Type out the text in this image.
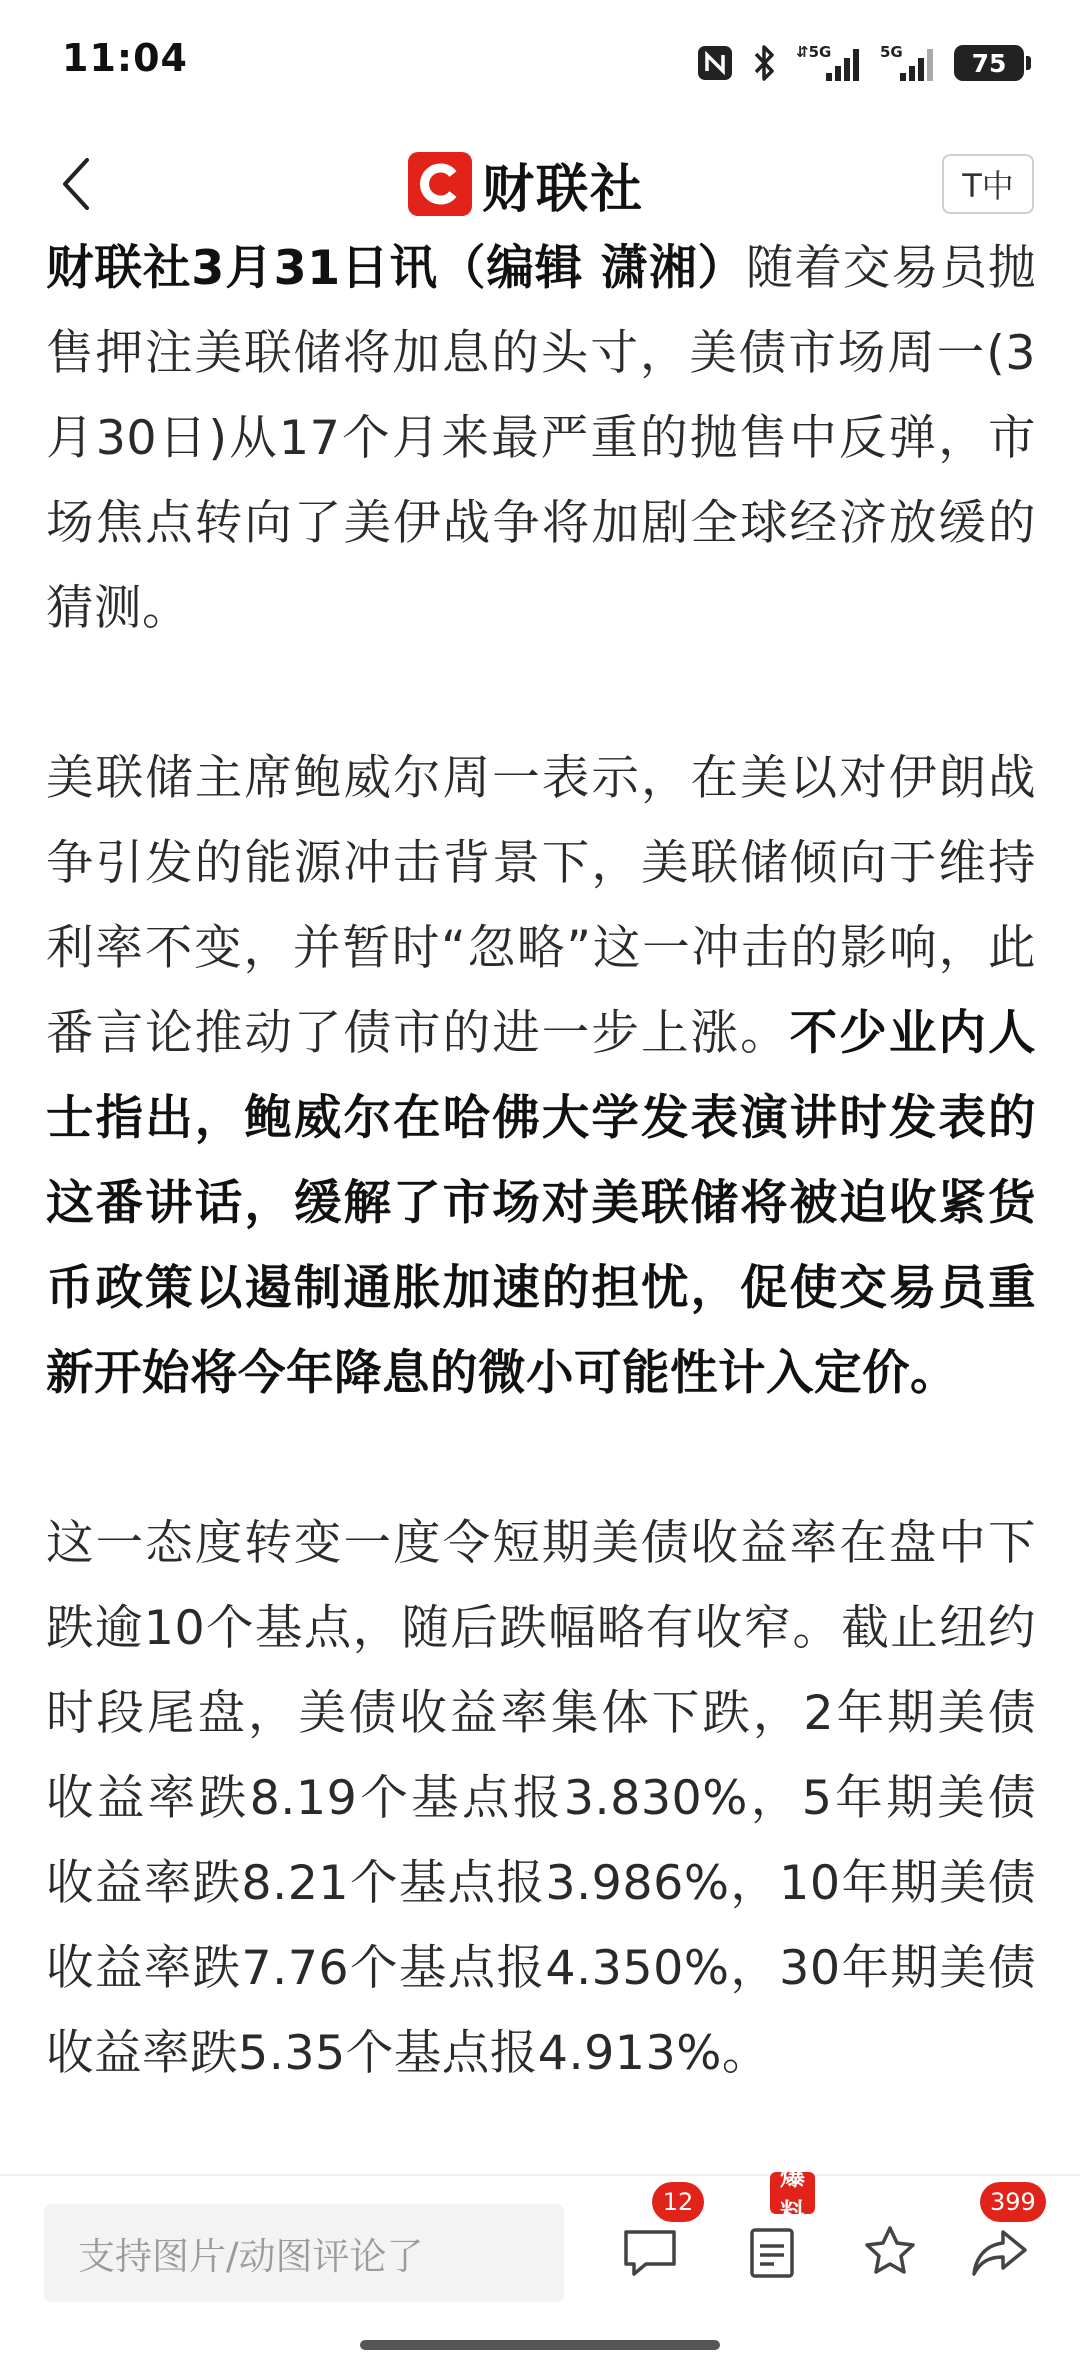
11:04	⇵5G	5G	75
财联社	T中

财联社3月31日讯（编辑 潇湘）随着交易员抛售押注美联储将加息的头寸，美债市场周一(3月30日)从17个月来最严重的抛售中反弹，市场焦点转向了美伊战争将加剧全球经济放缓的猜测。

美联储主席鲍威尔周一表示，在美以对伊朗战争引发的能源冲击背景下，美联储倾向于维持利率不变，并暂时“忽略”这一冲击的影响，此番言论推动了债市的进一步上涨。不少业内人士指出，鲍威尔在哈佛大学发表演讲时发表的这番讲话，缓解了市场对美联储将被迫收紧货币政策以遏制通胀加速的担忧，促使交易员重新开始将今年降息的微小可能性计入定价。

这一态度转变一度令短期美债收益率在盘中下跌逾10个基点，随后跌幅略有收窄。截止纽约时段尾盘，美债收益率集体下跌，2年期美债收益率跌8.19个基点报3.830%，5年期美债收益率跌8.21个基点报3.986%，10年期美债收益率跌7.76个基点报4.350%，30年期美债收益率跌5.35个基点报4.913%。

支持图片/动图评论了
12
爆料	399
